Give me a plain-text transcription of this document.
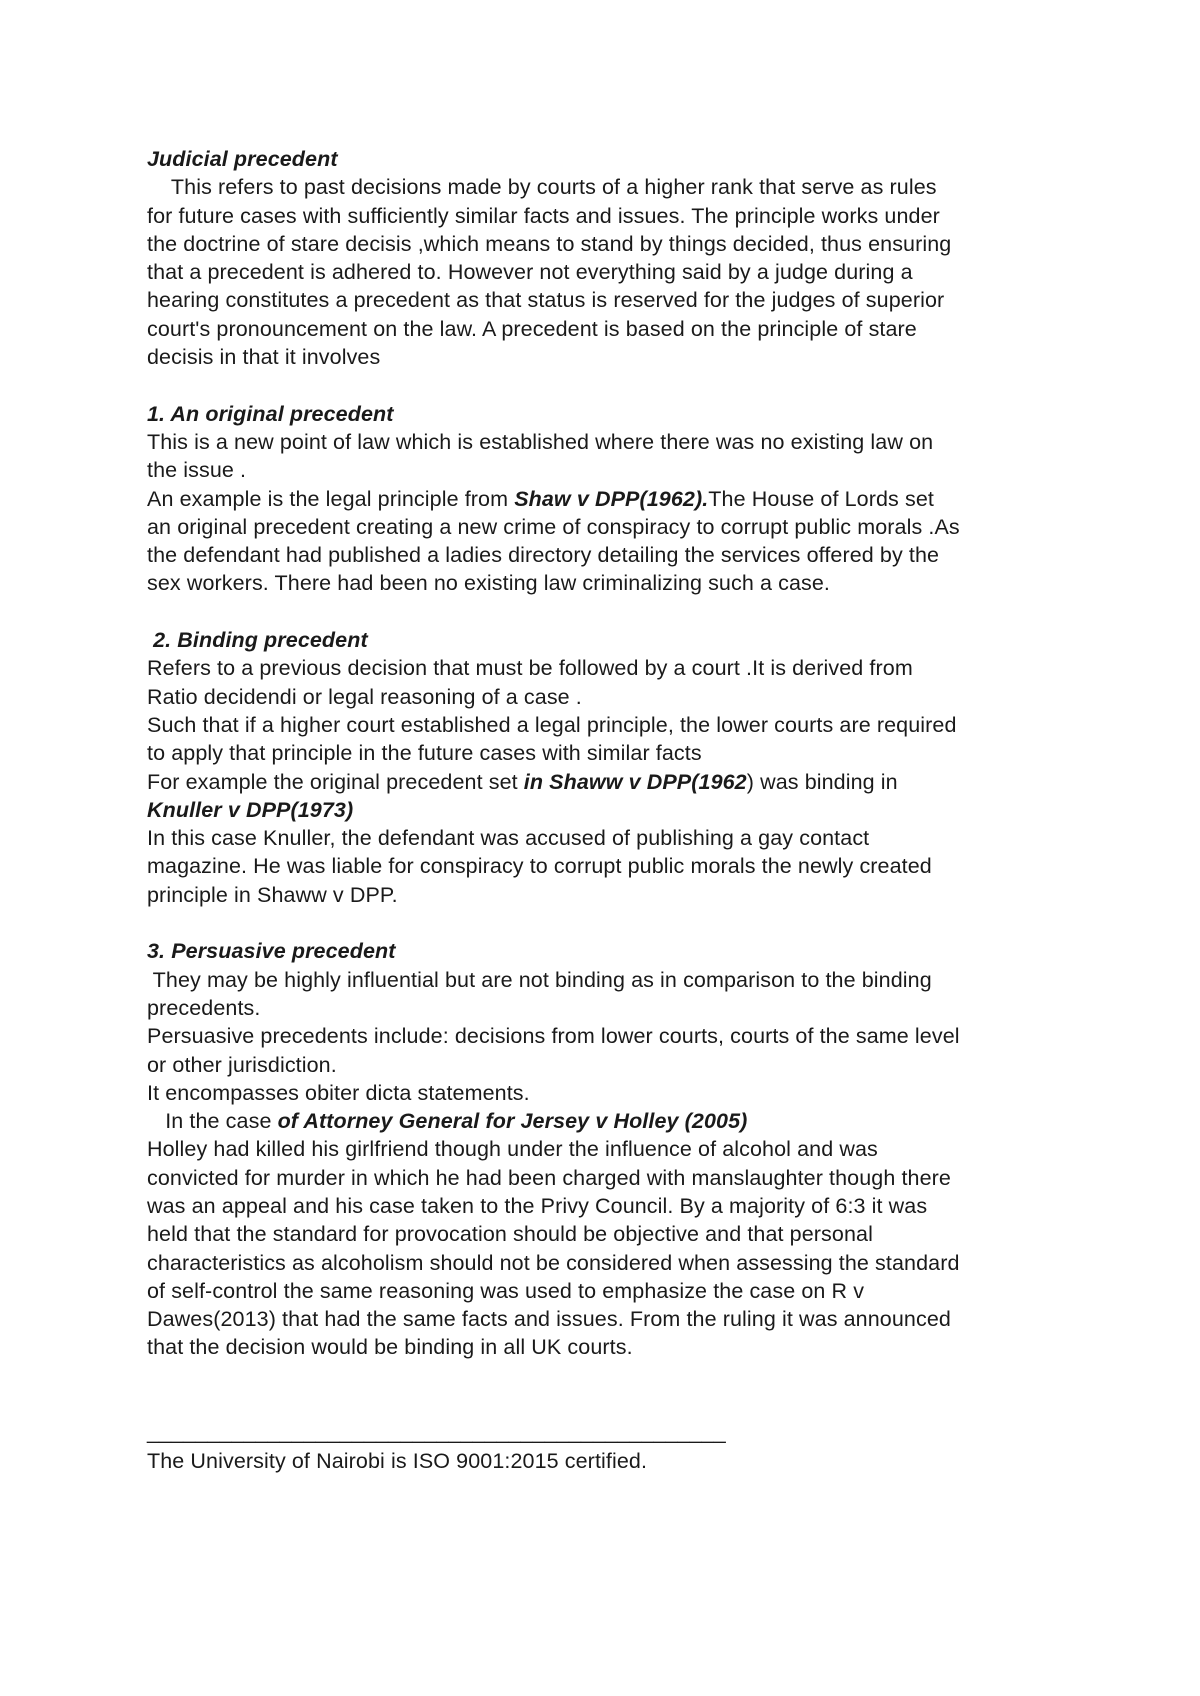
Judicial precedent
This refers to past decisions made by courts of a higher rank that serve as rules
for future cases with sufficiently similar facts and issues. The principle works under
the doctrine of stare decisis ,which means to stand by things decided, thus ensuring
that a precedent is adhered to. However not everything said by a judge during a
hearing constitutes a precedent as that status is reserved for the judges of superior
court's pronouncement on the law. A precedent is based on the principle of stare
decisis in that it involves
1. An original precedent
This is a new point of law which is established where there was no existing law on
the issue .
An example is the legal principle from Shaw v DPP(1962).The House of Lords set
an original precedent creating a new crime of conspiracy to corrupt public morals .As
the defendant had published a ladies directory detailing the services offered by the
sex workers. There had been no existing law criminalizing such a case.
2. Binding precedent
Refers to a previous decision that must be followed by a court .It is derived from
Ratio decidendi or legal reasoning of a case .
Such that if a higher court established a legal principle, the lower courts are required
to apply that principle in the future cases with similar facts
For example the original precedent set in Shaww v DPP(1962) was binding in
Knuller v DPP(1973)
In this case Knuller, the defendant was accused of publishing a gay contact
magazine. He was liable for conspiracy to corrupt public morals the newly created
principle in Shaww v DPP.
3. Persuasive precedent
They may be highly influential but are not binding as in comparison to the binding
precedents.
Persuasive precedents include: decisions from lower courts, courts of the same level
or other jurisdiction.
It encompasses obiter dicta statements.
In the case of Attorney General for Jersey v Holley (2005)
Holley had killed his girlfriend though under the influence of alcohol and was
convicted for murder in which he had been charged with manslaughter though there
was an appeal and his case taken to the Privy Council. By a majority of 6:3 it was
held that the standard for provocation should be objective and that personal
characteristics as alcoholism should not be considered when assessing the standard
of self-control the same reasoning was used to emphasize the case on R v
Dawes(2013) that had the same facts and issues. From the ruling it was announced
that the decision would be binding in all UK courts.
________________________________________________
The University of Nairobi is ISO 9001:2015 certified.
